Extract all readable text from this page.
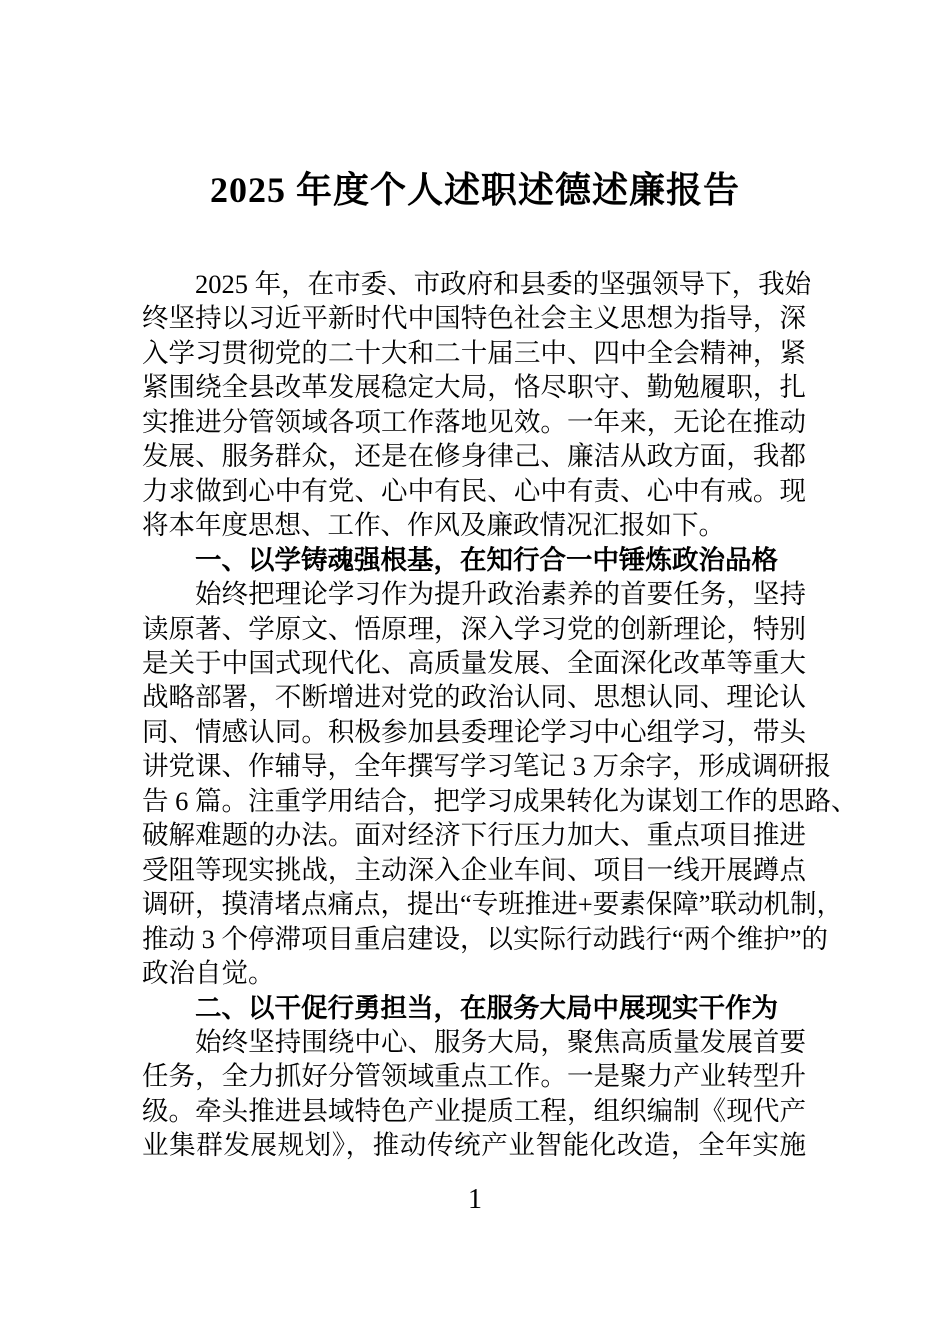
2025 年度个人述职述德述廉报告
2025 年，在市委、市政府和县委的坚强领导下，我始
终坚持以习近平新时代中国特色社会主义思想为指导，深
入学习贯彻党的二十大和二十届三中、四中全会精神，紧
紧围绕全县改革发展稳定大局，恪尽职守、勤勉履职，扎
实推进分管领域各项工作落地见效。一年来，无论在推动
发展、服务群众，还是在修身律己、廉洁从政方面，我都
力求做到心中有党、心中有民、心中有责、心中有戒。现
将本年度思想、工作、作风及廉政情况汇报如下。
一、以学铸魂强根基，在知行合一中锤炼政治品格
始终把理论学习作为提升政治素养的首要任务，坚持
读原著、学原文、悟原理，深入学习党的创新理论，特别
是关于中国式现代化、高质量发展、全面深化改革等重大
战略部署，不断增进对党的政治认同、思想认同、理论认
同、情感认同。积极参加县委理论学习中心组学习，带头
讲党课、作辅导，全年撰写学习笔记 3 万余字，形成调研报
告 6 篇。注重学用结合，把学习成果转化为谋划工作的思路、
破解难题的办法。面对经济下行压力加大、重点项目推进
受阻等现实挑战，主动深入企业车间、项目一线开展蹲点
调研，摸清堵点痛点，提出“专班推进+要素保障”联动机制，
推动 3 个停滞项目重启建设，以实际行动践行“两个维护”的
政治自觉。
二、以干促行勇担当，在服务大局中展现实干作为
始终坚持围绕中心、服务大局，聚焦高质量发展首要
任务，全力抓好分管领域重点工作。一是聚力产业转型升
级。牵头推进县域特色产业提质工程，组织编制《现代产
业集群发展规划》，推动传统产业智能化改造，全年实施
1
